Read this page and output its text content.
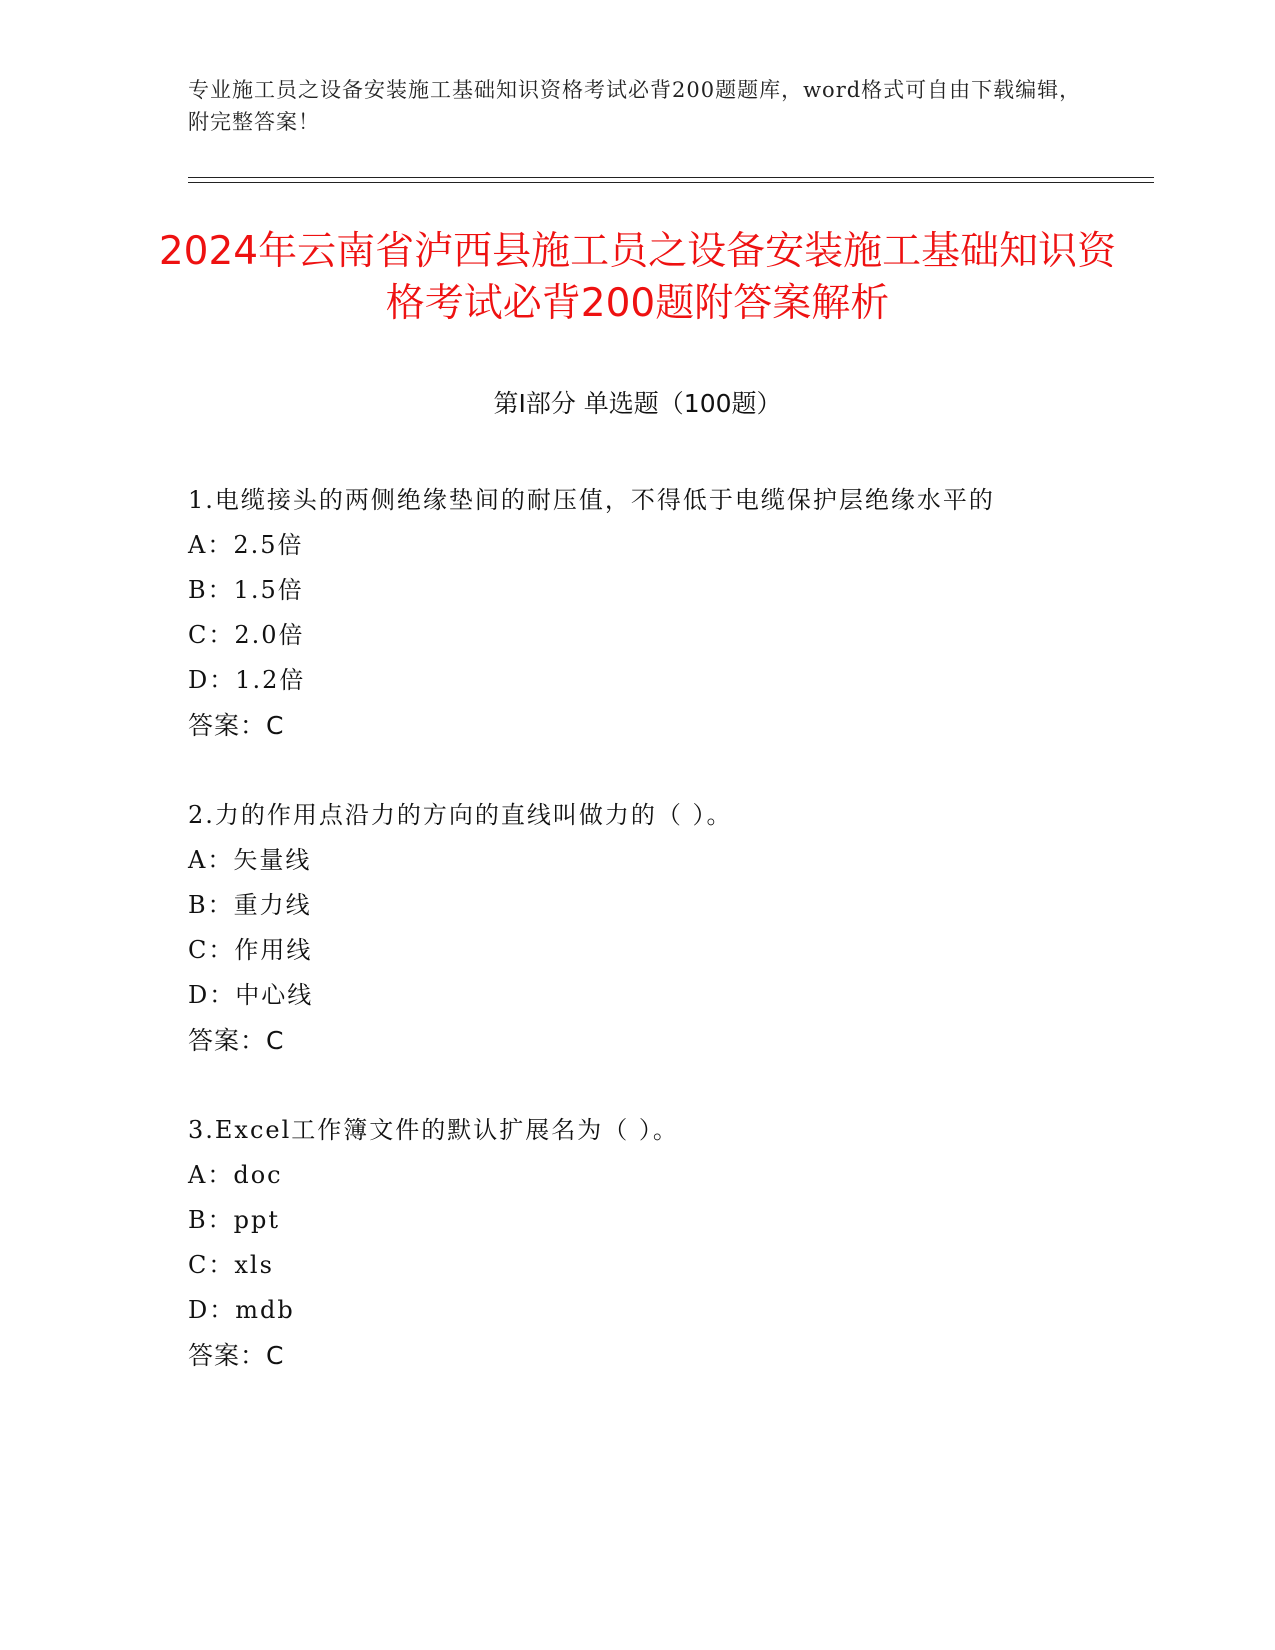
专业施工员之设备安装施工基础知识资格考试必背200题题库，word格式可自由下载编辑，附完整答案！
2024年云南省泸西县施工员之设备安装施工基础知识资格考试必背200题附答案解析
第Ⅰ部分 单选题（100题）
1.电缆接头的两侧绝缘垫间的耐压值，不得低于电缆保护层绝缘水平的
A：2.5倍
B：1.5倍
C：2.0倍
D：1.2倍
答案：C
2.力的作用点沿力的方向的直线叫做力的（ ）。
A：矢量线
B：重力线
C：作用线
D：中心线
答案：C
3.Excel工作簿文件的默认扩展名为（ ）。
A：doc
B：ppt
C：xls
D：mdb
答案：C
